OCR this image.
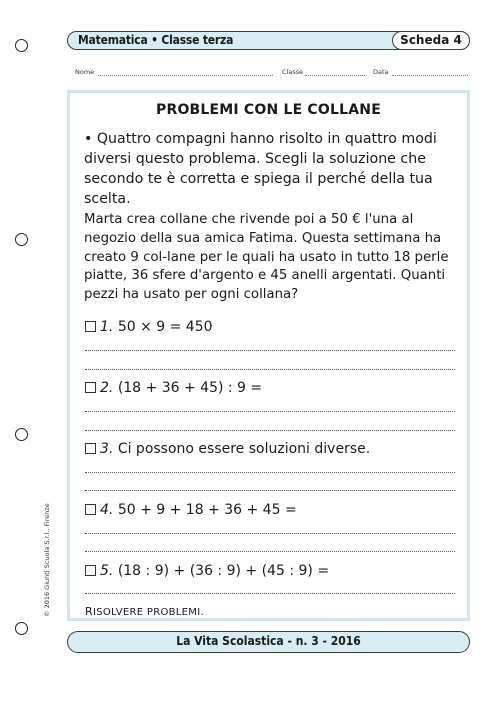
Matematica • Classe terza	Scheda 4
Nome	Classe	Data
PROBLEMI CON LE COLLANE
• Quattro compagni hanno risolto in quattro modi diversi questo problema. Scegli la soluzione che secondo te è corretta e spiega il perché della tua scelta.
Marta crea collane che rivende poi a 50 € l'una al negozio della sua amica Fatima. Questa settimana ha creato 9 col-lane per le quali ha usato in tutto 18 perle piatte, 36 sfere d'argento e 45 anelli argentati. Quanti pezzi ha usato per ogni collana?
1. 50 × 9 = 450
2. (18 + 36 + 45) : 9 =
3. Ci possono essere soluzioni diverse.
4. 50 + 9 + 18 + 36 + 45 =
5. (18 : 9) + (36 : 9) + (45 : 9) =
RISOLVERE PROBLEMI.
© 2016 Giunti Scuola S.r.l., Firenze
La Vita Scolastica - n. 3 - 2016
